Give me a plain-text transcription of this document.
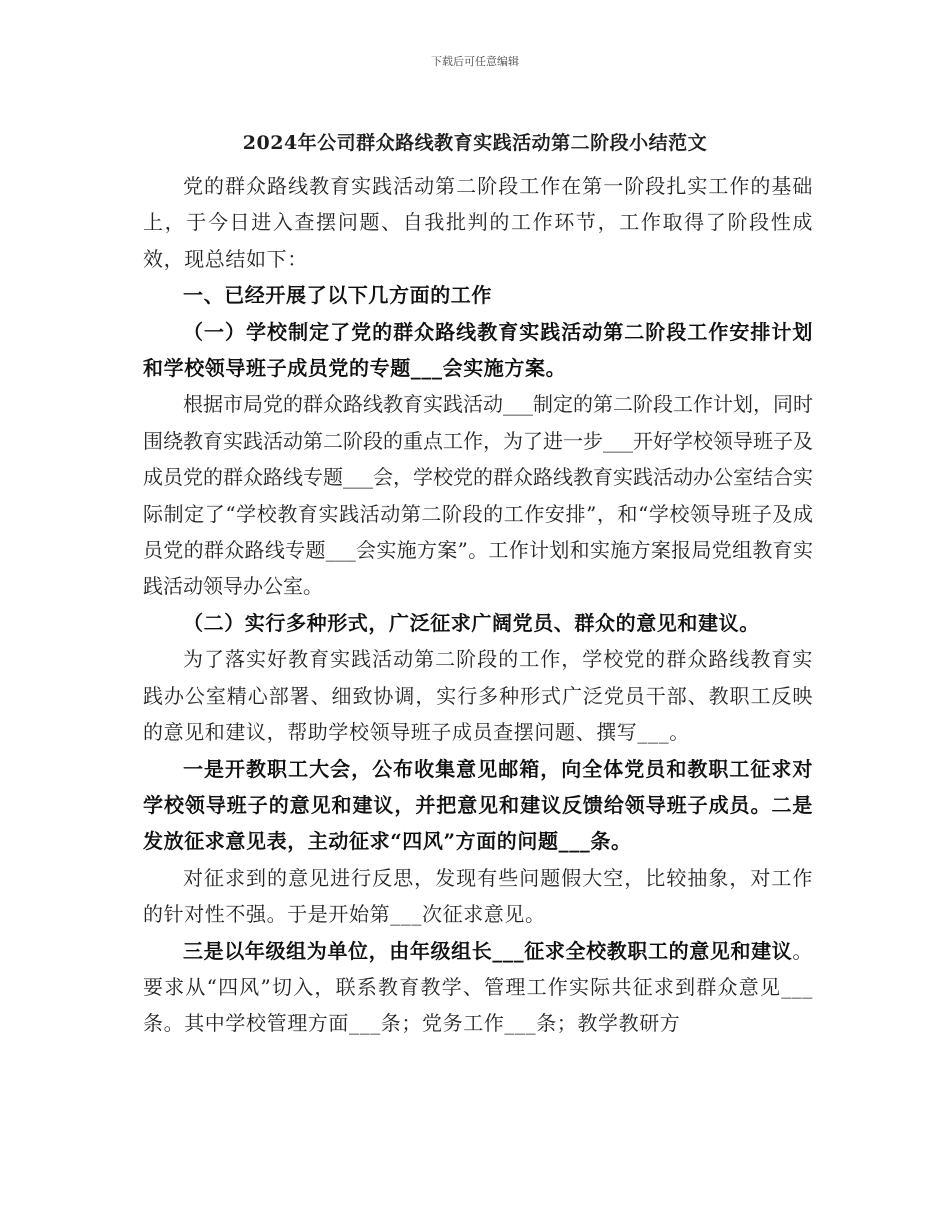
下载后可任意编辑
2024年公司群众路线教育实践活动第二阶段小结范文

党的群众路线教育实践活动第二阶段工作在第一阶段扎实工作的基础上，于今日进入查摆问题、自我批判的工作环节，工作取得了阶段性成效，现总结如下：

一、已经开展了以下几方面的工作

（一）学校制定了党的群众路线教育实践活动第二阶段工作安排计划和学校领导班子成员党的专题___会实施方案。

根据市局党的群众路线教育实践活动___制定的第二阶段工作计划，同时围绕教育实践活动第二阶段的重点工作，为了进一步___开好学校领导班子及成员党的群众路线专题___会，学校党的群众路线教育实践活动办公室结合实际制定了“学校教育实践活动第二阶段的工作安排”，和“学校领导班子及成员党的群众路线专题___会实施方案”。工作计划和实施方案报局党组教育实践活动领导办公室。

（二）实行多种形式，广泛征求广阔党员、群众的意见和建议。

为了落实好教育实践活动第二阶段的工作，学校党的群众路线教育实践办公室精心部署、细致协调，实行多种形式广泛党员干部、教职工反映的意见和建议，帮助学校领导班子成员查摆问题、撰写___。

一是开教职工大会，公布收集意见邮箱，向全体党员和教职工征求对学校领导班子的意见和建议，并把意见和建议反馈给领导班子成员。二是发放征求意见表，主动征求“四风”方面的问题___条。

对征求到的意见进行反思，发现有些问题假大空，比较抽象，对工作的针对性不强。于是开始第___次征求意见。

三是以年级组为单位，由年级组长___征求全校教职工的意见和建议。要求从“四风”切入，联系教育教学、管理工作实际共征求到群众意见___条。其中学校管理方面___条；党务工作___条；教学教研方
